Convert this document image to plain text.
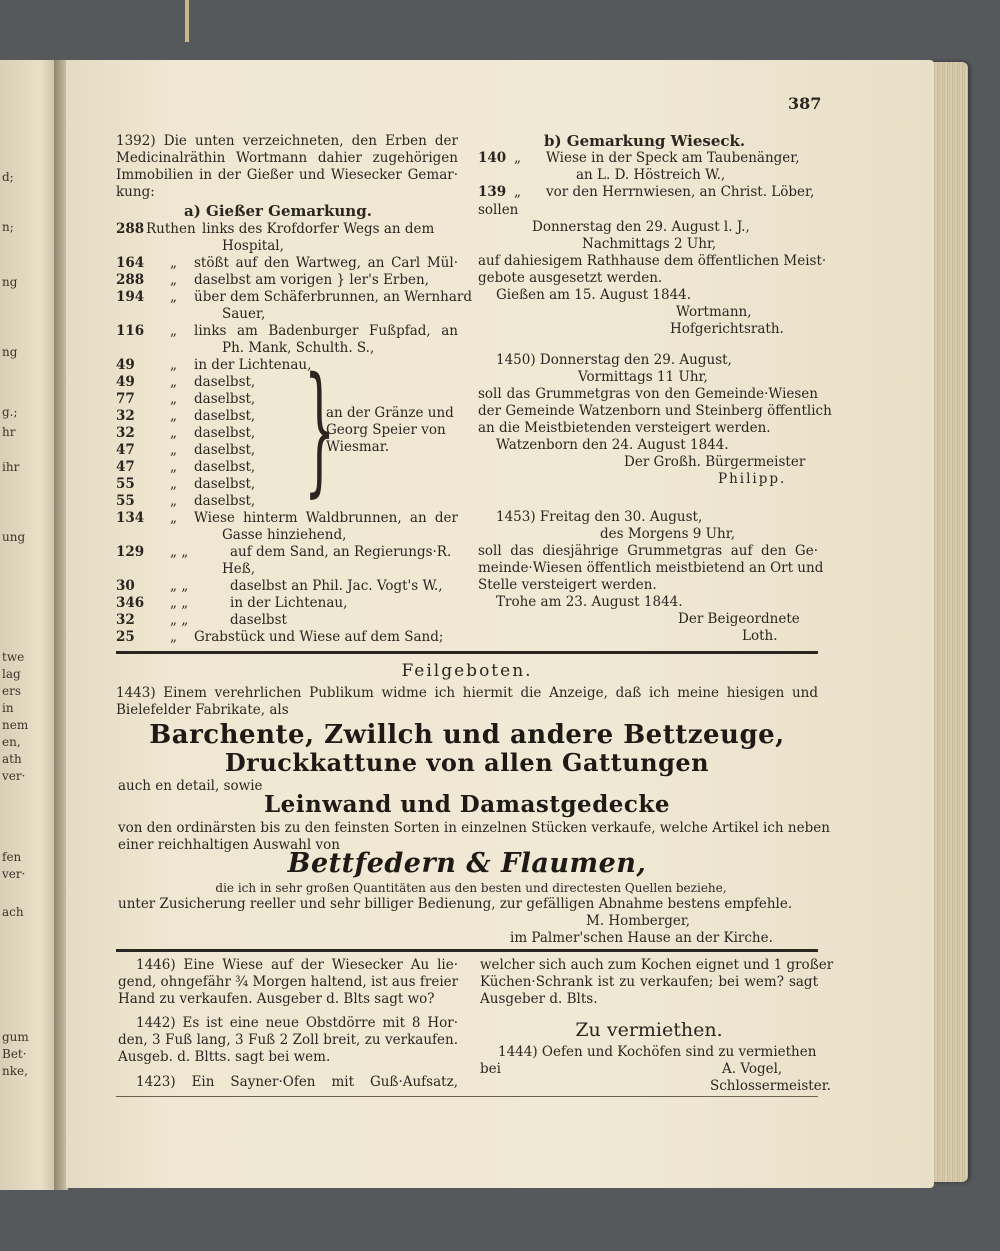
d;
n;
ng
ng
g.;
hr
ihr
ung
twe
lag
ers
in
nem
en,
ath
ver·
fen
ver·
ach
gum
Bet·
nke,
387
1392) Die unten verzeichneten, den Erben der
Medicinalräthin Wortmann dahier zugehörigen
Immobilien in der Gießer und Wiesecker Gemar·
kung:
a) Gießer Gemarkung.
288 Ruthen links des Krofdorfer Wegs an dem
Hospital,
164 „ stößt auf den Wartweg, an Carl Mül·
288 „ daselbst am vorigen } ler's Erben,
194 „ über dem Schäferbrunnen, an Wernhard
Sauer,
116 „ links am Badenburger Fußpfad, an
Ph. Mank, Schulth. S.,
49	„ in der Lichtenau,
49	„ daselbst,
77	„ daselbst,
32	„ daselbst,
32	„ daselbst,
47	„ daselbst,
47	„ daselbst,
55	„ daselbst,
55	„ daselbst,
134 „ Wiese hinterm Waldbrunnen, an der
Gasse hinziehend,
129 „ „	auf dem Sand, an Regierungs·R.
Heß,
30	„ „	daselbst an Phil. Jac. Vogt's W.,
346 „ „	in der Lichtenau,
32	„ „	daselbst
25	„ Grabstück und Wiese auf dem Sand;
}
an der Gränze und
Georg Speier von
Wiesmar.
b) Gemarkung Wieseck.
140 „ Wiese in der Speck am Taubenänger,
an L. D. Höstreich W.,
139 „ vor den Herrnwiesen, an Christ. Löber,
sollen
Donnerstag den 29. August l. J.,
Nachmittags 2 Uhr,
auf dahiesigem Rathhause dem öffentlichen Meist·
gebote ausgesetzt werden.
Gießen am 15. August 1844.
Wortmann,
Hofgerichtsrath.
1450) Donnerstag den 29. August,
Vormittags 11 Uhr,
soll das Grummetgras von den Gemeinde·Wiesen
der Gemeinde Watzenborn und Steinberg öffentlich
an die Meistbietenden versteigert werden.
Watzenborn den 24. August 1844.
Der Großh. Bürgermeister
Philipp.
1453) Freitag den 30. August,
des Morgens 9 Uhr,
soll das diesjährige Grummetgras auf den Ge·
meinde·Wiesen öffentlich meistbietend an Ort und
Stelle versteigert werden.
Trohe am 23. August 1844.
Der Beigeordnete
Loth.
Feilgeboten.
1443) Einem verehrlichen Publikum widme ich hiermit die Anzeige, daß ich meine hiesigen und
Bielefelder Fabrikate, als
Barchente, Zwillch und andere Bettzeuge,
Druckkattune von allen Gattungen
auch en detail, sowie
Leinwand und Damastgedecke
von den ordinärsten bis zu den feinsten Sorten in einzelnen Stücken verkaufe, welche Artikel ich neben
einer reichhaltigen Auswahl von
Bettfedern & Flaumen,
die ich in sehr großen Quantitäten aus den besten und directesten Quellen beziehe,
unter Zusicherung reeller und sehr billiger Bedienung, zur gefälligen Abnahme bestens empfehle.
M. Homberger,
im Palmer'schen Hause an der Kirche.
1446) Eine Wiese auf der Wiesecker Au lie·
gend, ohngefähr ¾ Morgen haltend, ist aus freier
Hand zu verkaufen. Ausgeber d. Blts sagt wo?
1442) Es ist eine neue Obstdörre mit 8 Hor·
den, 3 Fuß lang, 3 Fuß 2 Zoll breit, zu verkaufen.
Ausgeb. d. Bltts. sagt bei wem.
1423) Ein Sayner·Ofen mit Guß·Aufsatz,
welcher sich auch zum Kochen eignet und 1 großer
Küchen·Schrank ist zu verkaufen; bei wem? sagt
Ausgeber d. Blts.
Zu vermiethen.
1444) Oefen und Kochöfen sind zu vermiethen
bei	A. Vogel,
Schlossermeister.
